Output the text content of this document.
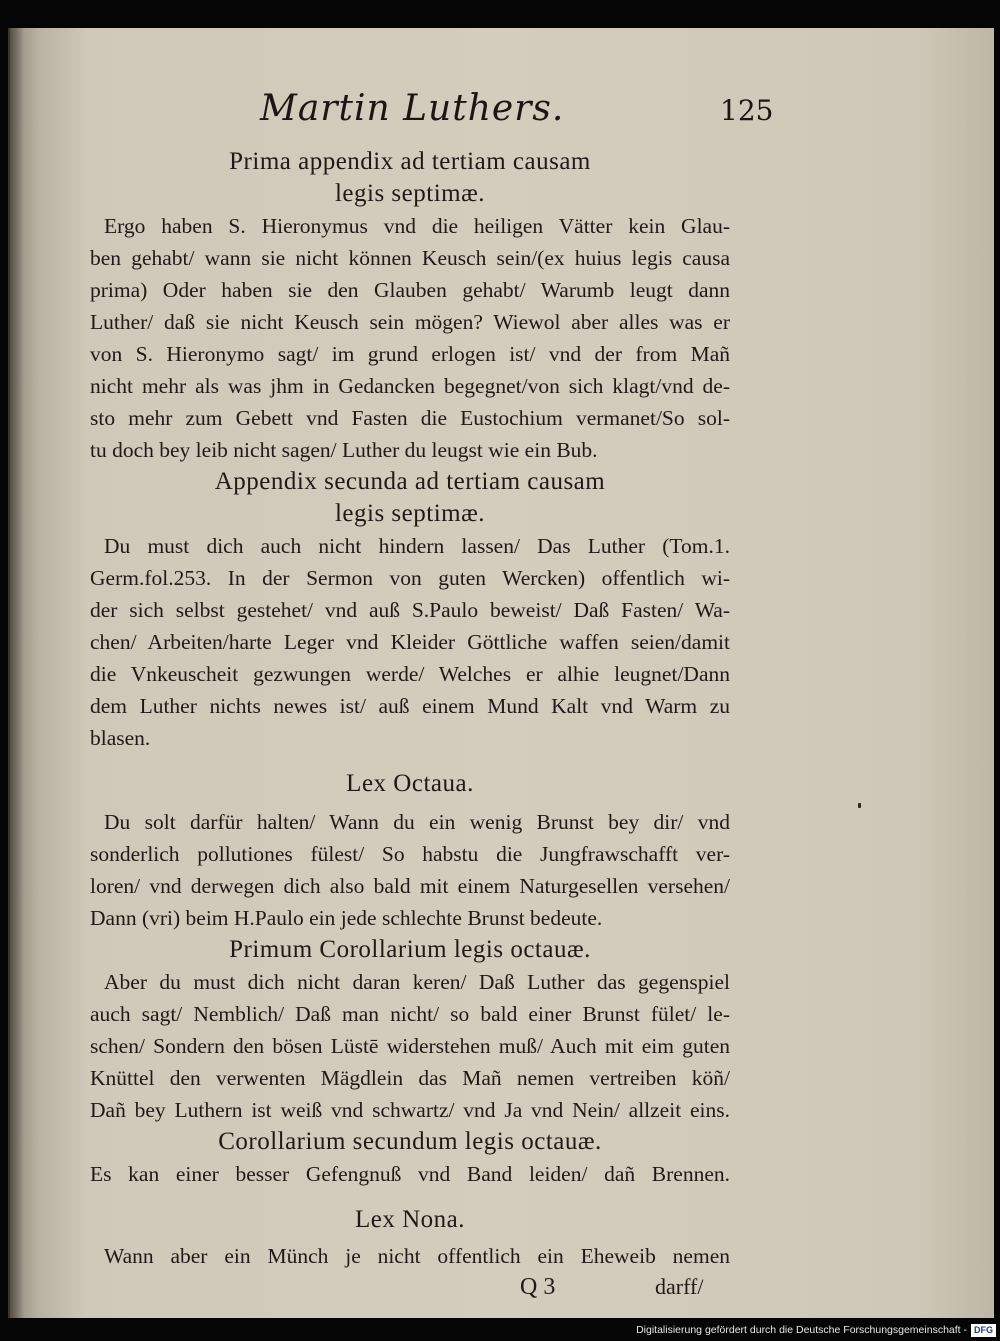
Martin Luthers.	125
Prima appendix ad tertiam causam
legis septimæ.
Ergo haben S. Hieronymus vnd die heiligen Vätter kein Glau-
ben gehabt/ wann sie nicht können Keusch sein/(ex huius legis causa
prima) Oder haben sie den Glauben gehabt/ Warumb leugt dann
Luther/ daß sie nicht Keusch sein mögen? Wiewol aber alles was er
von S. Hieronymo sagt/ im grund erlogen ist/ vnd der from Mañ
nicht mehr als was jhm in Gedancken begegnet/von sich klagt/vnd de-
sto mehr zum Gebett vnd Fasten die Eustochium vermanet/So sol-
tu doch bey leib nicht sagen/ Luther du leugst wie ein Bub.
Appendix secunda ad tertiam causam
legis septimæ.
Du must dich auch nicht hindern lassen/ Das Luther (Tom.1.
Germ.fol.253. In der Sermon von guten Wercken) offentlich wi-
der sich selbst gestehet/ vnd auß S.Paulo beweist/ Daß Fasten/ Wa-
chen/ Arbeiten/harte Leger vnd Kleider Göttliche waffen seien/damit
die Vnkeuscheit gezwungen werde/ Welches er alhie leugnet/Dann
dem Luther nichts newes ist/ auß einem Mund Kalt vnd Warm zu
blasen.
Lex Octaua.
Du solt darfür halten/ Wann du ein wenig Brunst bey dir/ vnd
sonderlich pollutiones fülest/ So habstu die Jungfrawschafft ver-
loren/ vnd derwegen dich also bald mit einem Naturgesellen versehen/
Dann (vri) beim H.Paulo ein jede schlechte Brunst bedeute.
Primum Corollarium legis octauæ.
Aber du must dich nicht daran keren/ Daß Luther das gegenspiel
auch sagt/ Nemblich/ Daß man nicht/ so bald einer Brunst fület/ le-
schen/ Sondern den bösen Lüstē widerstehen muß/ Auch mit eim guten
Knüttel den verwenten Mägdlein das Mañ nemen vertreiben köñ/
Dañ bey Luthern ist weiß vnd schwartz/ vnd Ja vnd Nein/ allzeit eins.
Corollarium secundum legis octauæ.
Es kan einer besser Gefengnuß vnd Band leiden/ dañ Brennen.
Lex Nona.
Wann aber ein Münch je nicht offentlich ein Eheweib nemen
Q 3	darff/
Digitalisierung gefördert durch die Deutsche Forschungsgemeinschaft - DFG
